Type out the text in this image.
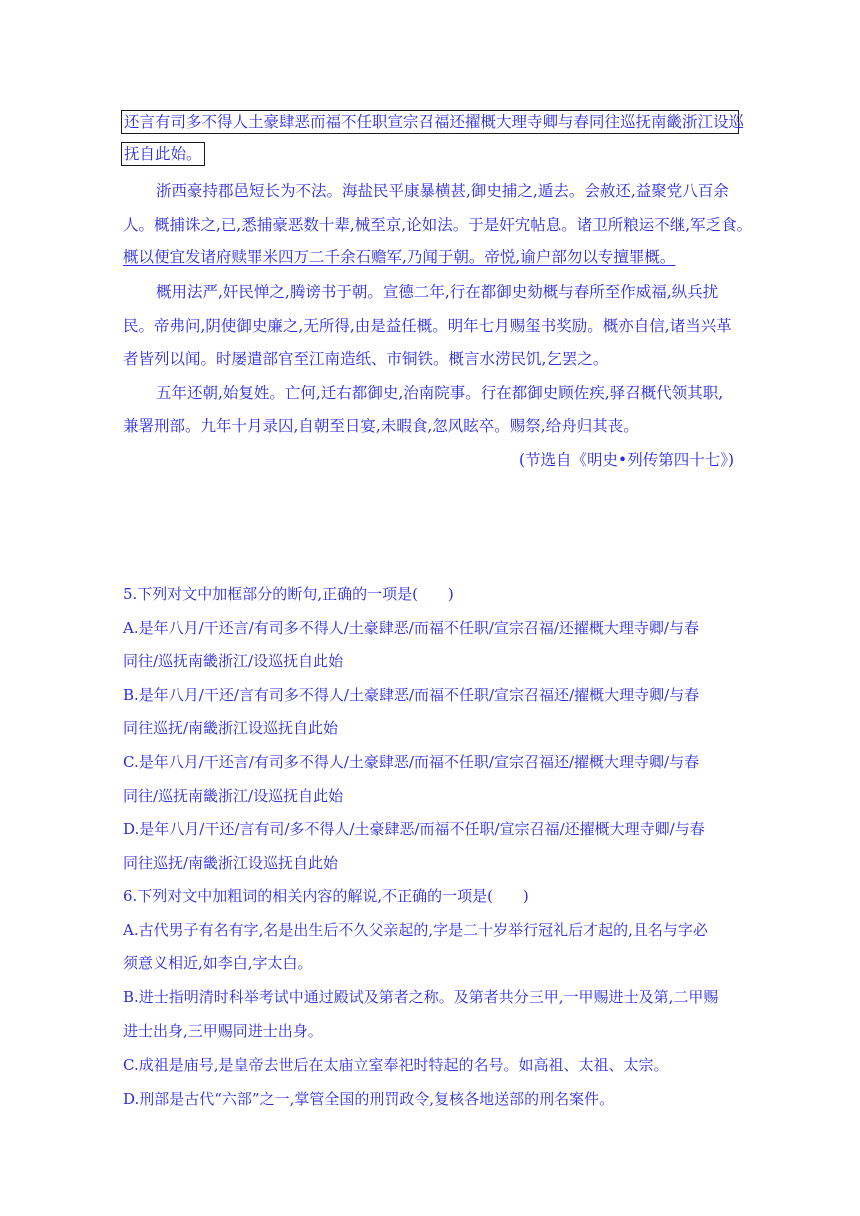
还言有司多不得人土豪肆恶而福不任职宣宗召福还擢概大理寺卿与春同往巡抚南畿浙江设巡
抚自此始。
浙西豪持郡邑短长为不法。海盐民平康暴横甚,御史捕之,遁去。会赦还,益聚党八百余
人。概捕诛之,已,悉捕豪恶数十辈,械至京,论如法。于是奸宄帖息。诸卫所粮运不继,军乏食。
概以便宜发诸府赎罪米四万二千余石赡军,乃闻于朝。帝悦,谕户部勿以专擅罪概。
概用法严,奸民惮之,腾谤书于朝。宣德二年,行在都御史劾概与春所至作威福,纵兵扰
民。帝弗问,阴使御史廉之,无所得,由是益任概。明年七月赐玺书奖励。概亦自信,诸当兴革
者皆列以闻。时屡遣部官至江南造纸、市铜铁。概言水涝民饥,乞罢之。
五年还朝,始复姓。亡何,迁右都御史,治南院事。行在都御史顾佐疾,驿召概代领其职,
兼署刑部。九年十月录囚,自朝至日宴,未暇食,忽风眩卒。赐祭,给舟归其丧。
(节选自《明史•列传第四十七》)
5.下列对文中加框部分的断句,正确的一项是(　　)
A.是年八月/干还言/有司多不得人/土豪肆恶/而福不任职/宣宗召福/还擢概大理寺卿/与春
同往/巡抚南畿浙江/设巡抚自此始
B.是年八月/干还/言有司多不得人/土豪肆恶/而福不任职/宣宗召福还/擢概大理寺卿/与春
同往巡抚/南畿浙江设巡抚自此始
C.是年八月/干还言/有司多不得人/土豪肆恶/而福不任职/宣宗召福还/擢概大理寺卿/与春
同往/巡抚南畿浙江/设巡抚自此始
D.是年八月/干还/言有司/多不得人/土豪肆恶/而福不任职/宣宗召福/还擢概大理寺卿/与春
同往巡抚/南畿浙江设巡抚自此始
6.下列对文中加粗词的相关内容的解说,不正确的一项是(　　)
A.古代男子有名有字,名是出生后不久父亲起的,字是二十岁举行冠礼后才起的,且名与字必
须意义相近,如李白,字太白。
B.进士指明清时科举考试中通过殿试及第者之称。及第者共分三甲,一甲赐进士及第,二甲赐
进士出身,三甲赐同进士出身。
C.成祖是庙号,是皇帝去世后在太庙立室奉祀时特起的名号。如高祖、太祖、太宗。
D.刑部是古代“六部”之一,掌管全国的刑罚政令,复核各地送部的刑名案件。
